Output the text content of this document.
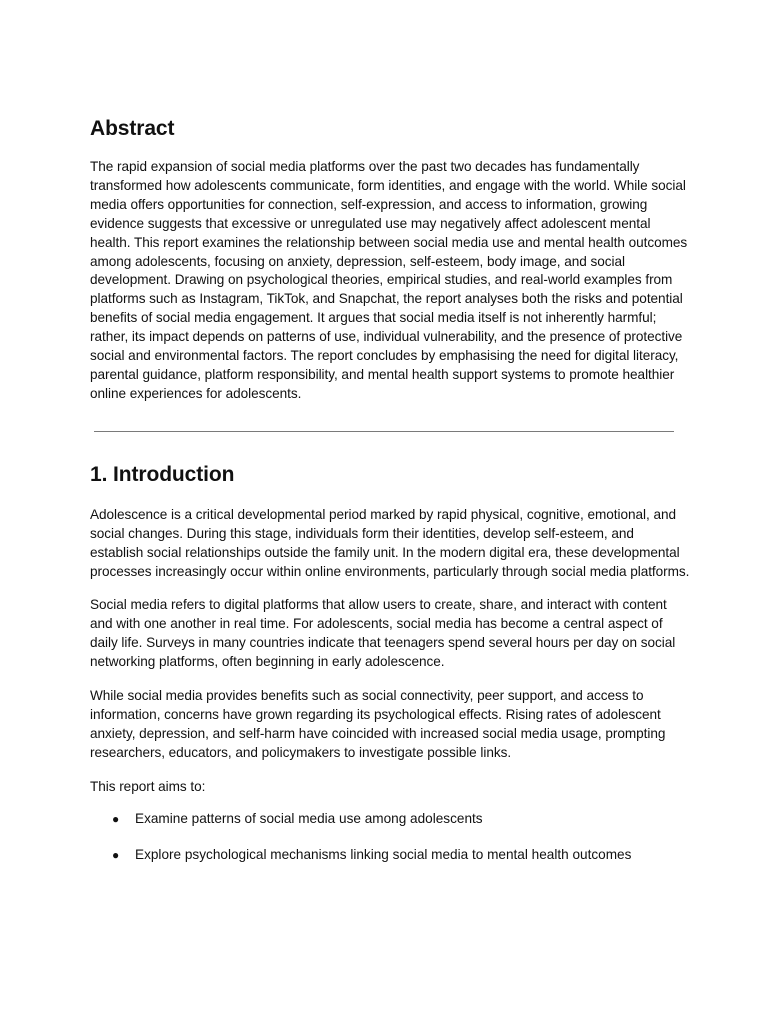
Abstract

The rapid expansion of social media platforms over the past two decades has fundamentally transformed how adolescents communicate, form identities, and engage with the world. While social media offers opportunities for connection, self-expression, and access to information, growing evidence suggests that excessive or unregulated use may negatively affect adolescent mental health. This report examines the relationship between social media use and mental health outcomes among adolescents, focusing on anxiety, depression, self-esteem, body image, and social development. Drawing on psychological theories, empirical studies, and real-world examples from platforms such as Instagram, TikTok, and Snapchat, the report analyses both the risks and potential benefits of social media engagement. It argues that social media itself is not inherently harmful; rather, its impact depends on patterns of use, individual vulnerability, and the presence of protective social and environmental factors. The report concludes by emphasising the need for digital literacy, parental guidance, platform responsibility, and mental health support systems to promote healthier online experiences for adolescents.

1. Introduction

Adolescence is a critical developmental period marked by rapid physical, cognitive, emotional, and social changes. During this stage, individuals form their identities, develop self-esteem, and establish social relationships outside the family unit. In the modern digital era, these developmental processes increasingly occur within online environments, particularly through social media platforms.

Social media refers to digital platforms that allow users to create, share, and interact with content and with one another in real time. For adolescents, social media has become a central aspect of daily life. Surveys in many countries indicate that teenagers spend several hours per day on social networking platforms, often beginning in early adolescence.

While social media provides benefits such as social connectivity, peer support, and access to information, concerns have grown regarding its psychological effects. Rising rates of adolescent anxiety, depression, and self-harm have coincided with increased social media usage, prompting researchers, educators, and policymakers to investigate possible links.

This report aims to:

● Examine patterns of social media use among adolescents
● Explore psychological mechanisms linking social media to mental health outcomes
